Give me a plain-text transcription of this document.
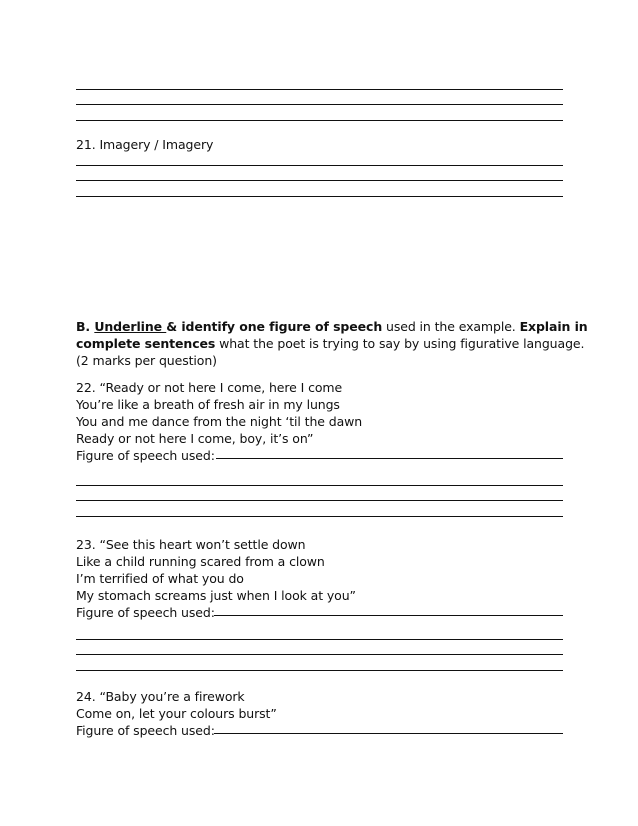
21. Imagery / Imagery
B. Underline & identify one figure of speech used in the example. Explain in
complete sentences what the poet is trying to say by using figurative language.
(2 marks per question)
22. “Ready or not here I come, here I come
You’re like a breath of fresh air in my lungs
You and me dance from the night ‘til the dawn
Ready or not here I come, boy, it’s on”
Figure of speech used:
23. “See this heart won’t settle down
Like a child running scared from a clown
I’m terrified of what you do
My stomach screams just when I look at you”
Figure of speech used:
24. “Baby you’re a firework
Come on, let your colours burst”
Figure of speech used:
